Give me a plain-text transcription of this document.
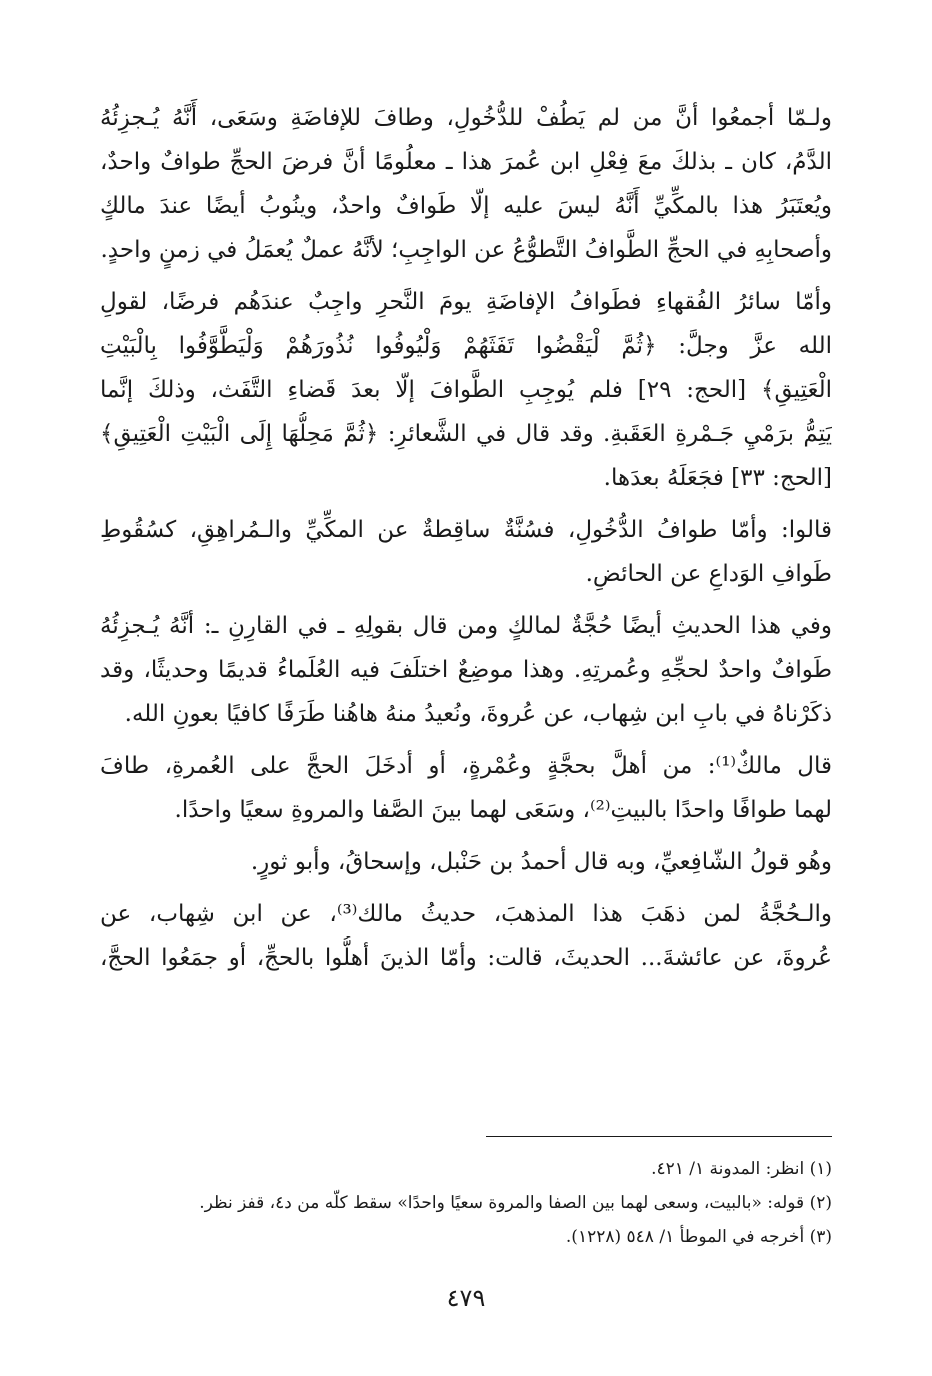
ولـمّا أجمعُوا أنَّ من لم يَطُفْ للدُّخُولِ، وطافَ للإفاضَةِ وسَعَى، أَنَّهُ يُـجزِئُهُ
الدَّمُ، كان ـ بذلكَ معَ فِعْلِ ابن عُمرَ هذا ـ معلُومًا أنَّ فرضَ الحجِّ طوافٌ واحدٌ،
ويُعتَبَرُ هذا بالمكِّيِّ أَنَّهُ ليسَ عليه إلّا طَوافٌ واحدٌ، وينُوبُ أيضًا عندَ مالكٍ
وأصحابِهِ في الحجِّ الطَّوافُ التَّطوُّعُ عن الواجِبِ؛ لأنَّهُ عملٌ يُعمَلُ في زمنٍ واحدٍ.

وأمّا سائرُ الفُقهاءِ فطَوافُ الإفاضَةِ يومَ النَّحرِ واجِبٌ عندَهُم فرضًا، لقولِ
الله عزَّ وجلَّ: ﴿ثُمَّ لْيَقْضُوا تَفَثَهُمْ وَلْيُوفُوا نُذُورَهُمْ وَلْيَطَّوَّفُوا بِالْبَيْتِ
الْعَتِيقِ﴾ [الحج: ٢٩] فلم يُوجِبِ الطَّوافَ إلّا بعدَ قَضاءِ التَّفَث، وذلكَ إنَّما
يَتِمُّ برَمْيِ جَـمْرةِ العَقَبةِ. وقد قال في الشَّعائرِ: ﴿ثُمَّ مَحِلُّهَا إِلَى الْبَيْتِ الْعَتِيقِ﴾
[الحج: ٣٣] فجَعَلَهُ بعدَها.

قالوا: وأمّا طوافُ الدُّخُولِ، فسُنَّةٌ ساقِطةٌ عن المكِّيِّ والـمُراهِقِ، كسُقُوطِ
طَوافِ الوَداعِ عن الحائضِ.

وفي هذا الحديثِ أيضًا حُجَّةٌ لمالكٍ ومن قال بقولِهِ ـ في القارِنِ ـ: أنَّهُ يُـجزِئُهُ
طَوافٌ واحدٌ لحجِّهِ وعُمرتِهِ. وهذا موضِعٌ اختلَفَ فيه العُلَماءُ قديمًا وحديثًا، وقد
ذكَرْناهُ في بابِ ابن شِهاب، عن عُروةَ، ونُعيدُ منهُ هاهُنا طَرَفًا كافيًا بعونِ الله.

قال مالكٌ⁽¹⁾: من أهلَّ بحجَّةٍ وعُمْرةٍ، أو أدخَلَ الحجَّ على العُمرةِ، طافَ
لهما طوافًا واحدًا بالبيتِ⁽²⁾، وسَعَى لهما بينَ الصَّفا والمروةِ سعيًا واحدًا.

وهُو قولُ الشّافِعيِّ، وبه قال أحمدُ بن حَنْبل، وإسحاقُ، وأبو ثورٍ.

والـحُجَّةُ لمن ذهَبَ هذا المذهبَ، حديثُ مالك⁽³⁾، عن ابن شِهاب، عن
عُروةَ، عن عائشةَ... الحديثَ، قالت: وأمّا الذينَ أهلُّوا بالحجِّ، أو جمَعُوا الحجَّ،

(١) انظر: المدونة ١/ ٤٢١.
(٢) قوله: «بالبيت، وسعى لهما بين الصفا والمروة سعيًا واحدًا» سقط كلّه من د٤، قفز نظر.
(٣) أخرجه في الموطأ ١/ ٥٤٨ (١٢٢٨).
٤٧٩
